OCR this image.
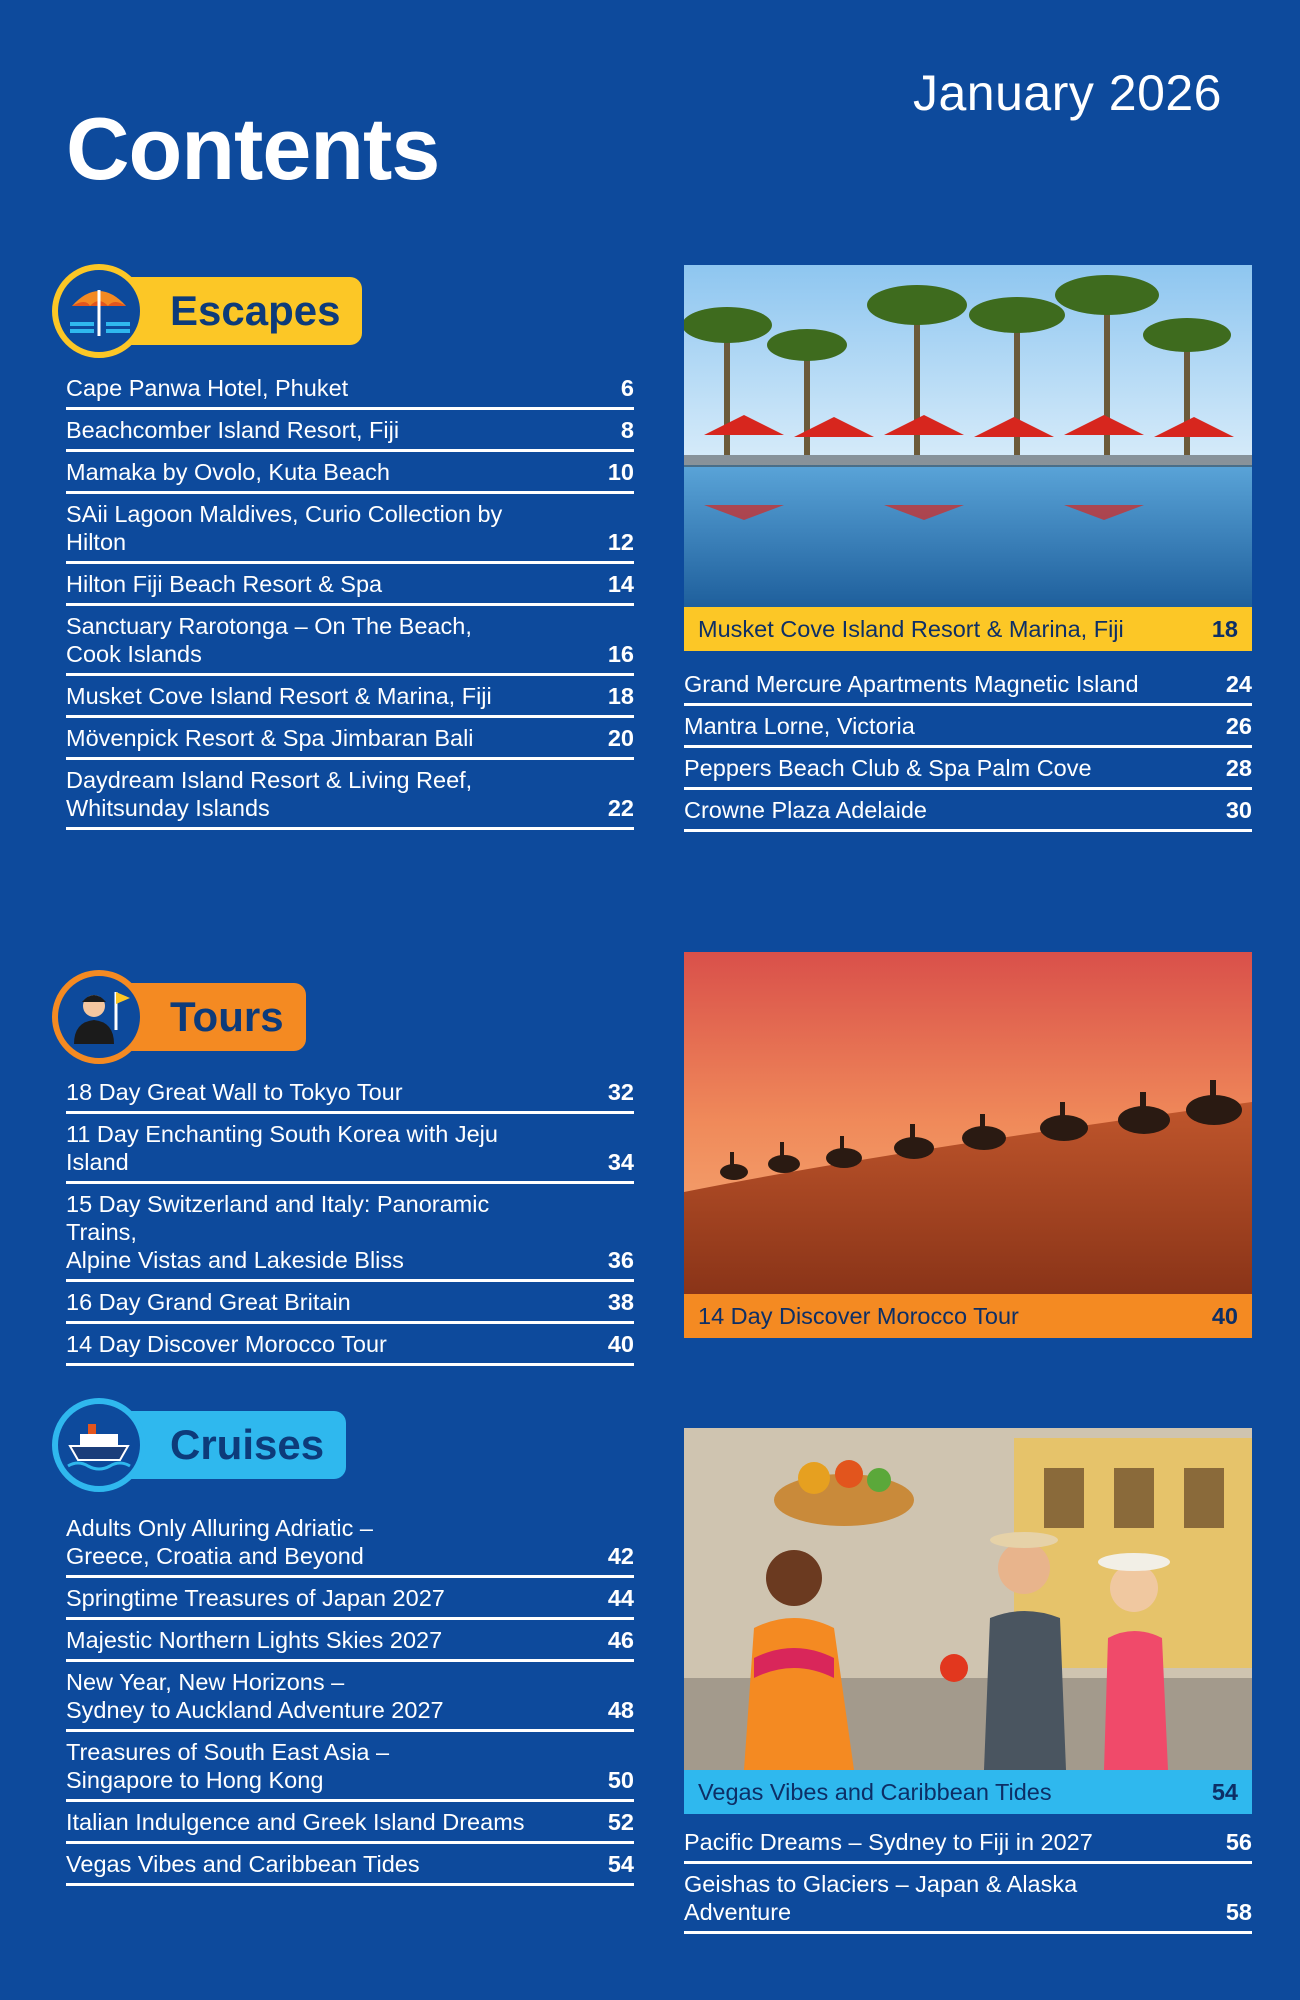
January 2026
Contents
Escapes
Cape Panwa Hotel, Phuket	6
Beachcomber Island Resort, Fiji	8
Mamaka by Ovolo, Kuta Beach	10
SAii Lagoon Maldives, Curio Collection by Hilton	12
Hilton Fiji Beach Resort & Spa	14
Sanctuary Rarotonga – On The Beach,
Cook Islands	16
Musket Cove Island Resort & Marina, Fiji	18
Mövenpick Resort & Spa Jimbaran Bali	20
Daydream Island Resort & Living Reef,
Whitsunday Islands	22
Musket Cove Island Resort & Marina, Fiji	18
Grand Mercure Apartments Magnetic Island	24
Mantra Lorne, Victoria	26
Peppers Beach Club & Spa Palm Cove	28
Crowne Plaza Adelaide	30
Tours
18 Day Great Wall to Tokyo Tour	32
11 Day Enchanting South Korea with Jeju Island	34
15 Day Switzerland and Italy: Panoramic Trains,
Alpine Vistas and Lakeside Bliss	36
16 Day Grand Great Britain	38
14 Day Discover Morocco Tour	40
14 Day Discover Morocco Tour	40
Cruises
Adults Only Alluring Adriatic –
Greece, Croatia and Beyond	42
Springtime Treasures of Japan 2027	44
Majestic Northern Lights Skies 2027	46
New Year, New Horizons –
Sydney to Auckland Adventure 2027	48
Treasures of South East Asia –
Singapore to Hong Kong	50
Italian Indulgence and Greek Island Dreams	52
Vegas Vibes and Caribbean Tides	54
Vegas Vibes and Caribbean Tides	54
Pacific Dreams – Sydney to Fiji in 2027	56
Geishas to Glaciers – Japan & Alaska Adventure	58
